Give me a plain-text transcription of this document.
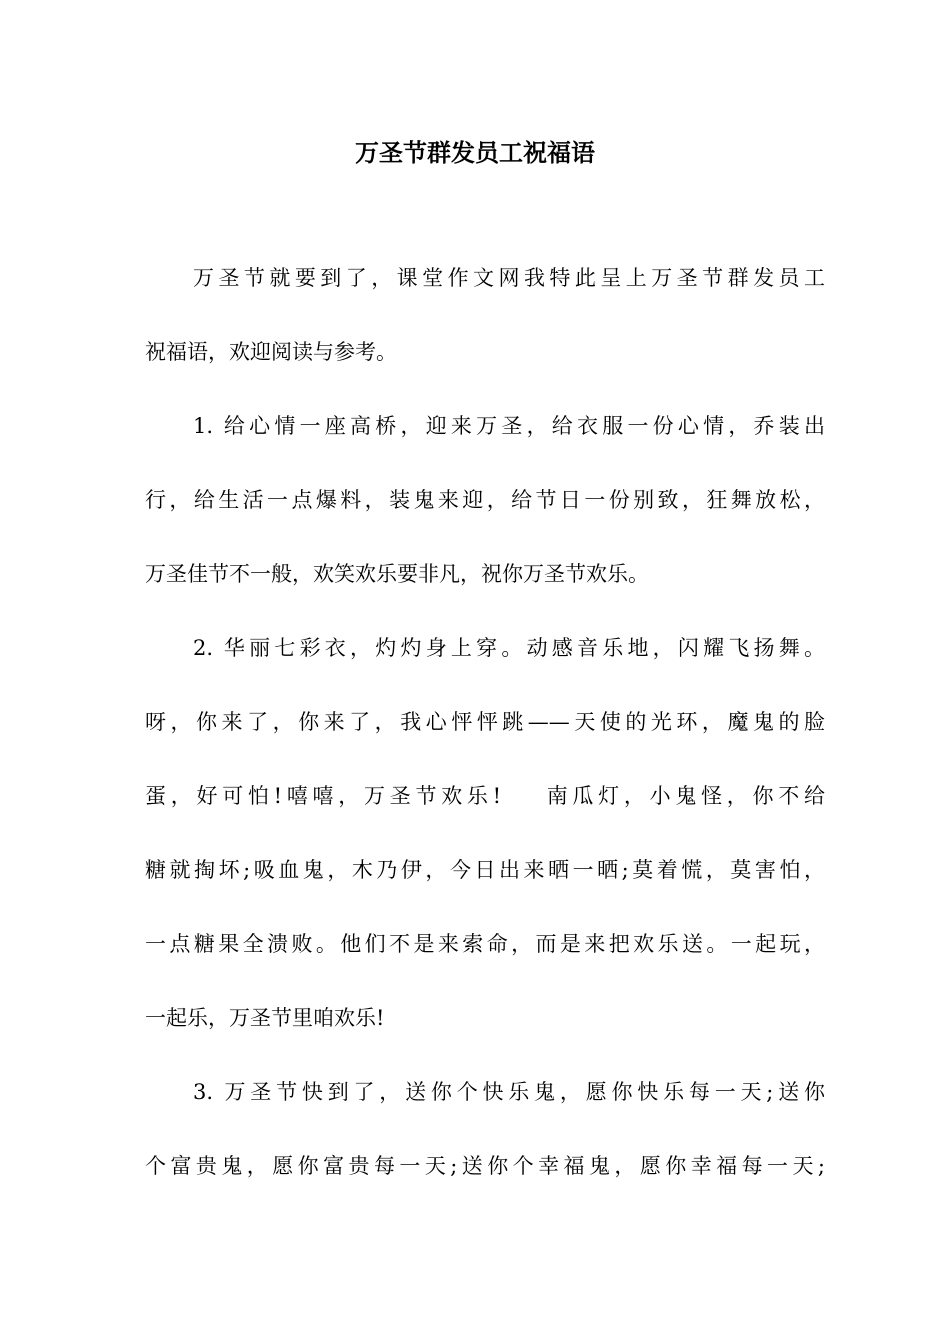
万圣节群发员工祝福语
万圣节就要到了，课堂作文网我特此呈上万圣节群发员工
祝福语，欢迎阅读与参考。
1. 给心情一座高桥，迎来万圣，给衣服一份心情，乔装出
行，给生活一点爆料，装鬼来迎，给节日一份别致，狂舞放松，
万圣佳节不一般，欢笑欢乐要非凡，祝你万圣节欢乐。
2. 华丽七彩衣，灼灼身上穿。动感音乐地，闪耀飞扬舞。
呀，你来了，你来了，我心怦怦跳——天使的光环，魔鬼的脸
蛋，好可怕!嘻嘻，万圣节欢乐!    南瓜灯，小鬼怪，你不给
糖就掏坏;吸血鬼，木乃伊，今日出来晒一晒;莫着慌，莫害怕，
一点糖果全溃败。他们不是来索命，而是来把欢乐送。一起玩，
一起乐，万圣节里咱欢乐!
3. 万圣节快到了，送你个快乐鬼，愿你快乐每一天;送你
个富贵鬼，愿你富贵每一天;送你个幸福鬼，愿你幸福每一天;
